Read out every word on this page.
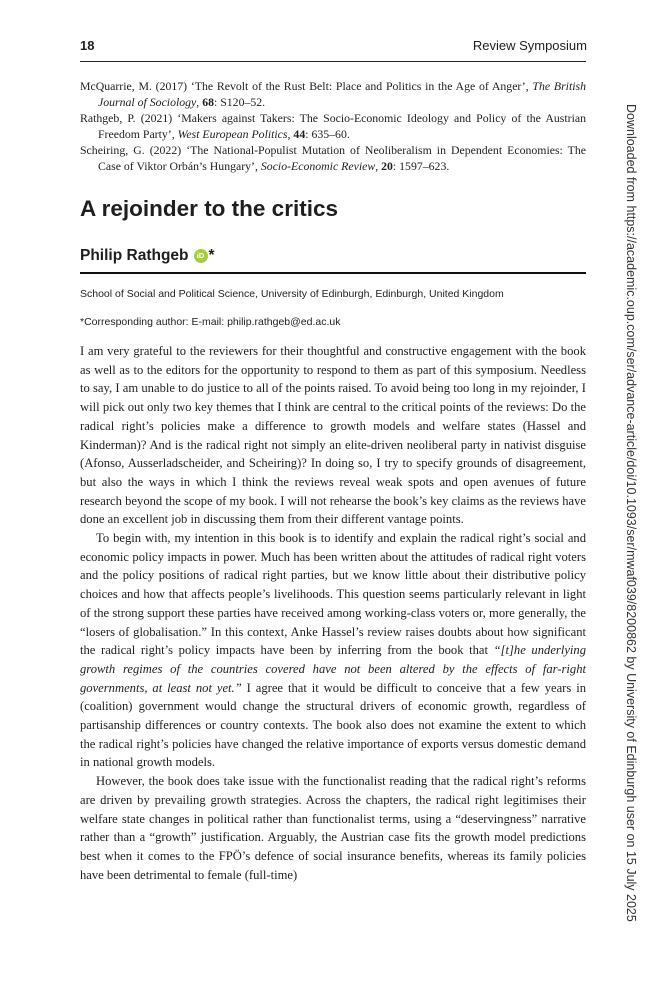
18	Review Symposium

McQuarrie, M. (2017) ‘The Revolt of the Rust Belt: Place and Politics in the Age of Anger’, The British Journal of Sociology, 68: S120–52.

Rathgeb, P. (2021) ‘Makers against Takers: The Socio-Economic Ideology and Policy of the Austrian Freedom Party’, West European Politics, 44: 635–60.

Scheiring, G. (2022) ‘The National-Populist Mutation of Neoliberalism in Dependent Economies: The Case of Viktor Orbán’s Hungary’, Socio-Economic Review, 20: 1597–623.

A rejoinder to the critics
Philip Rathgeb	iD *
School of Social and Political Science, University of Edinburgh, Edinburgh, United Kingdom
*Corresponding author: E-mail: philip.rathgeb@ed.ac.uk

I am very grateful to the reviewers for their thoughtful and constructive engagement with the book as well as to the editors for the opportunity to respond to them as part of this symposium. Needless to say, I am unable to do justice to all of the points raised. To avoid being too long in my rejoinder, I will pick out only two key themes that I think are central to the critical points of the reviews: Do the radical right’s policies make a difference to growth models and welfare states (Hassel and Kinderman)? And is the radical right not simply an elite-driven neoliberal party in nativist disguise (Afonso, Ausserladscheider, and Scheiring)? In doing so, I try to specify grounds of disagreement, but also the ways in which I think the reviews reveal weak spots and open avenues of future research beyond the scope of my book. I will not rehearse the book’s key claims as the reviews have done an excellent job in discussing them from their different vantage points.

To begin with, my intention in this book is to identify and explain the radical right’s social and economic policy impacts in power. Much has been written about the attitudes of radical right voters and the policy positions of radical right parties, but we know little about their distributive policy choices and how that affects people’s livelihoods. This question seems particularly relevant in light of the strong support these parties have received among working-class voters or, more generally, the “losers of globalisation.” In this context, Anke Hassel’s review raises doubts about how significant the radical right’s policy impacts have been by inferring from the book that “[t]he underlying growth regimes of the countries covered have not been altered by the effects of far-right governments, at least not yet.” I agree that it would be difficult to conceive that a few years in (coalition) government would change the structural drivers of economic growth, regardless of partisanship differences or country contexts. The book also does not examine the extent to which the radical right’s policies have changed the relative importance of exports versus domestic demand in national growth models.

However, the book does take issue with the functionalist reading that the radical right’s reforms are driven by prevailing growth strategies. Across the chapters, the radical right legitimises their welfare state changes in political rather than functionalist terms, using a “deservingness” narrative rather than a “growth” justification. Arguably, the Austrian case fits the growth model predictions best when it comes to the FPÖ’s defence of social insurance benefits, whereas its family policies have been detrimental to female (full-time)	Downloaded from https://academic.oup.com/ser/advance-article/doi/10.1093/ser/mwaf039/8200862 by University of Edinburgh user on 15 July 2025
